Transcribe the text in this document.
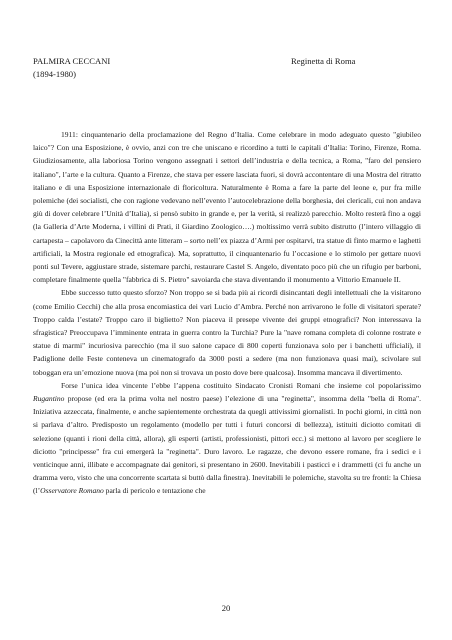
PALMIRA CECCANI
(1894-1980)
Reginetta di Roma

1911: cinquantenario della proclamazione del Regno d’Italia. Come celebrare in modo adeguato questo "giubileo laico"? Con una Esposizione, è ovvio, anzi con tre che uniscano e ricordino a tutti le capitali d’Italia: Torino, Firenze, Roma. Giudiziosamente, alla laboriosa Torino vengono assegnati i settori dell’industria e della tecnica, a Roma, "faro del pensiero italiano", l’arte e la cultura. Quanto a Firenze, che stava per essere lasciata fuori, si dovrà accontentare di una Mostra del ritratto italiano e di una Esposizione internazionale di floricoltura. Naturalmente è Roma a fare la parte del leone e, pur fra mille polemiche (dei socialisti, che con ragione vedevano nell’evento l’autocelebrazione della borghesia, dei clericali, cui non andava giù di dover celebrare l’Unità d’Italia), si pensò subito in grande e, per la verità, si realizzò parecchio. Molto resterà fino a oggi (la Galleria d’Arte Moderna, i villini di Prati, il Giardino Zoologico….) moltissimo verrà subito distrutto (l’intero villaggio di cartapesta – capolavoro da Cinecittà ante litteram – sorto nell’ex piazza d’Armi per ospitarvi, tra statue di finto marmo e laghetti artificiali, la Mostra regionale ed etnografica). Ma, soprattutto, il cinquantenario fu l’occasione e lo stimolo per gettare nuovi ponti sul Tevere, aggiustare strade, sistemare parchi, restaurare Castel S. Angelo, diventato poco più che un rifugio per barboni, completare finalmente quella "fabbrica di S. Pietro" savoiarda che stava diventando il monumento a Vittorio Emanuele II.

Ebbe successo tutto questo sforzo? Non troppo se si bada più ai ricordi disincantati degli intellettuali che la visitarono (come Emilio Cecchi) che alla prosa encomiastica dei vari Lucio d’Ambra. Perché non arrivarono le folle di visitatori sperate? Troppo calda l’estate? Troppo caro il biglietto? Non piaceva il presepe vivente dei gruppi etnografici? Non interessava la sfragistica? Preoccupava l’imminente entrata in guerra contro la Turchia? Pure la "nave romana completa di colonne rostrate e statue di marmi" incuriosiva parecchio (ma il suo salone capace di 800 coperti funzionava solo per i banchetti ufficiali), il Padiglione delle Feste conteneva un cinematografo da 3000 posti a sedere (ma non funzionava quasi mai), scivolare sul toboggan era un’emozione nuova (ma poi non si trovava un posto dove bere qualcosa). Insomma mancava il divertimento.

Forse l’unica idea vincente l’ebbe l’appena costituito Sindacato Cronisti Romani che insieme col popolarissimo Rugantino propose (ed era la prima volta nel nostro paese) l’elezione di una "reginetta", insomma della "bella di Roma". Iniziativa azzeccata, finalmente, e anche sapientemente orchestrata da quegli attivissimi giornalisti. In pochi giorni, in città non si parlava d’altro. Predisposto un regolamento (modello per tutti i futuri concorsi di bellezza), istituiti diciotto comitati di selezione (quanti i rioni della città, allora), gli esperti (artisti, professionisti, pittori ecc.) si mettono al lavoro per scegliere le diciotto "principesse" fra cui emergerà la "reginetta". Duro lavoro. Le ragazze, che devono essere romane, fra i sedici e i venticinque anni, illibate e accompagnate dai genitori, si presentano in 2600. Inevitabili i pasticci e i drammetti (ci fu anche un dramma vero, visto che una concorrente scartata si buttò dalla finestra). Inevitabili le polemiche, stavolta su tre fronti: la Chiesa (l’Osservatore Romano parla di pericolo e tentazione che

20
